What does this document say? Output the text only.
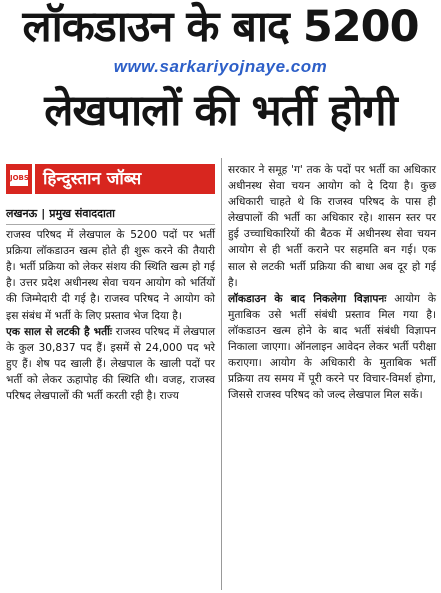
लॉकडाउन के बाद 5200
www.sarkariyojnaye.com
लेखपालों की भर्ती होगी
JOBS हिन्दुस्तान जॉब्स
लखनऊ | प्रमुख संवाददाता

राजस्व परिषद में लेखपाल के 5200 पदों पर भर्ती प्रक्रिया लॉकडाउन खत्म होते ही शुरू करने की तैयारी है। भर्ती प्रक्रिया को लेकर संशय की स्थिति खत्म हो गई है। उत्तर प्रदेश अधीनस्थ सेवा चयन आयोग को भर्तियों की जिम्मेदारी दी गई है। राजस्व परिषद ने आयोग को इस संबंध में भर्ती के लिए प्रस्ताव भेज दिया है।

एक साल से लटकी है भर्तीः राजस्व परिषद में लेखपाल के कुल 30,837 पद हैं। इसमें से 24,000 पद भरे हुए हैं। शेष पद खाली हैं। लेखपाल के खाली पदों पर भर्ती को लेकर ऊहापोह की स्थिति थी। वजह, राजस्व परिषद लेखपालों की भर्ती करती रही है। राज्य

सरकार ने समूह 'ग' तक के पदों पर भर्ती का अधिकार अधीनस्थ सेवा चयन आयोग को दे दिया है। कुछ अधिकारी चाहते थे कि राजस्व परिषद के पास ही लेखपालों की भर्ती का अधिकार रहे। शासन स्तर पर हुई उच्चाधिकारियों की बैठक में अधीनस्थ सेवा चयन आयोग से ही भर्ती कराने पर सहमति बन गई। एक साल से लटकी भर्ती प्रक्रिया की बाधा अब दूर हो गई है।

लॉकडाउन के बाद निकलेगा विज्ञापनः आयोग के मुताबिक उसे भर्ती संबंधी प्रस्ताव मिल गया है। लॉकडाउन खत्म होने के बाद भर्ती संबंधी विज्ञापन निकाला जाएगा। ऑनलाइन आवेदन लेकर भर्ती परीक्षा कराएगा। आयोग के अधिकारी के मुताबिक भर्ती प्रक्रिया तय समय में पूरी करने पर विचार-विमर्श होगा, जिससे राजस्व परिषद को जल्द लेखपाल मिल सकें।
